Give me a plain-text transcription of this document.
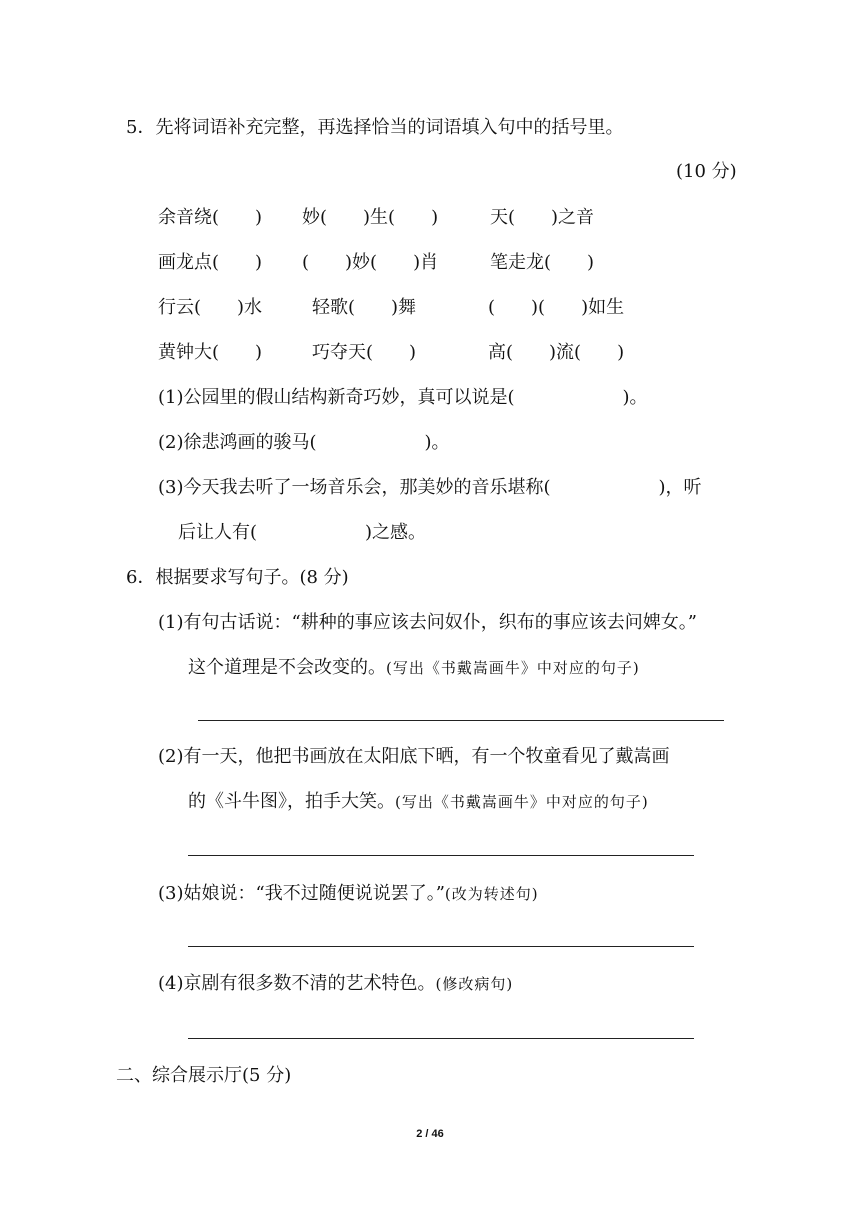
5．先将词语补充完整，再选择恰当的词语填入句中的括号里。
(10 分)
余音绕(　　) 妙(　　)生(　　)	天(　　)之音
画龙点(　　) (　　)妙(　　)肖	笔走龙(　　)
行云(　　)水	轻歌(　　)舞	(　　)(　　)如生
黄钟大(　　)	巧夺天(　　)	高(　　)流(　　)
(1)公园里的假山结构新奇巧妙，真可以说是(　　　　　　)。
(2)徐悲鸿画的骏马(　　　　　　)。
(3)今天我去听了一场音乐会，那美妙的音乐堪称(　　　　　　)，听
后让人有(　　　　　　)之感。
6．根据要求写句子。(8 分)
(1)有句古话说：“耕种的事应该去问奴仆，织布的事应该去问婢女。”
这个道理是不会改变的。(写出《书戴嵩画牛》中对应的句子)
(2)有一天，他把书画放在太阳底下晒，有一个牧童看见了戴嵩画
的《斗牛图》，拍手大笑。(写出《书戴嵩画牛》中对应的句子)
(3)姑娘说：“我不过随便说说罢了。”(改为转述句)
(4)京剧有很多数不清的艺术特色。(修改病句)
二、综合展示厅(5 分)
2 / 46
